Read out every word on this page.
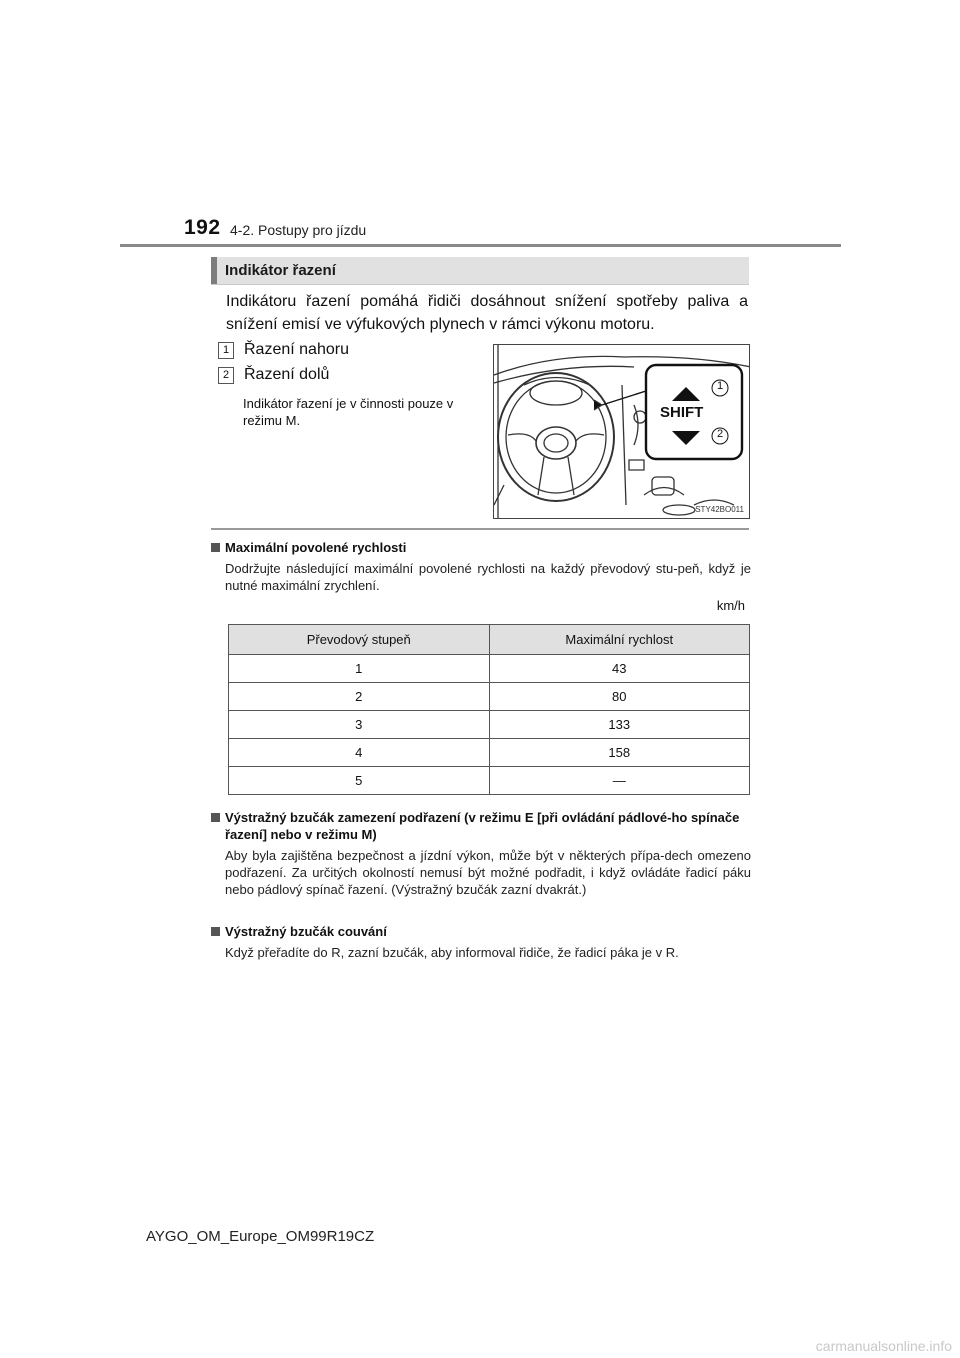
192 4-2. Postupy pro jízdu
Indikátor řazení

Indikátoru řazení pomáhá řidiči dosáhnout snížení spotřeby paliva a snížení emisí ve výfukových plynech v rámci výkonu motoru.

1 Řazení nahoru
2 Řazení dolů

Indikátor řazení je v činnosti pouze v režimu M.	SHIFT
1
2
STY42BO011
Maximální povolené rychlosti

Dodržujte následující maximální povolené rychlosti na každý převodový stu-peň, když je nutné maximální zrychlení.

km/h
Převodový stupeň	Maximální rychlost
1	43
2	80
3	133
4	158
5	—
Výstražný bzučák zamezení podřazení (v režimu E [při ovládání pádlové-ho spínače řazení] nebo v režimu M)

Aby byla zajištěna bezpečnost a jízdní výkon, může být v některých přípa-dech omezeno podřazení. Za určitých okolností nemusí být možné podřadit, i když ovládáte řadicí páku nebo pádlový spínač řazení. (Výstražný bzučák zazní dvakrát.)

Výstražný bzučák couvání

Když přeřadíte do R, zazní bzučák, aby informoval řidiče, že řadicí páka je v R.

AYGO_OM_Europe_OM99R19CZ
carmanualsonline.info
